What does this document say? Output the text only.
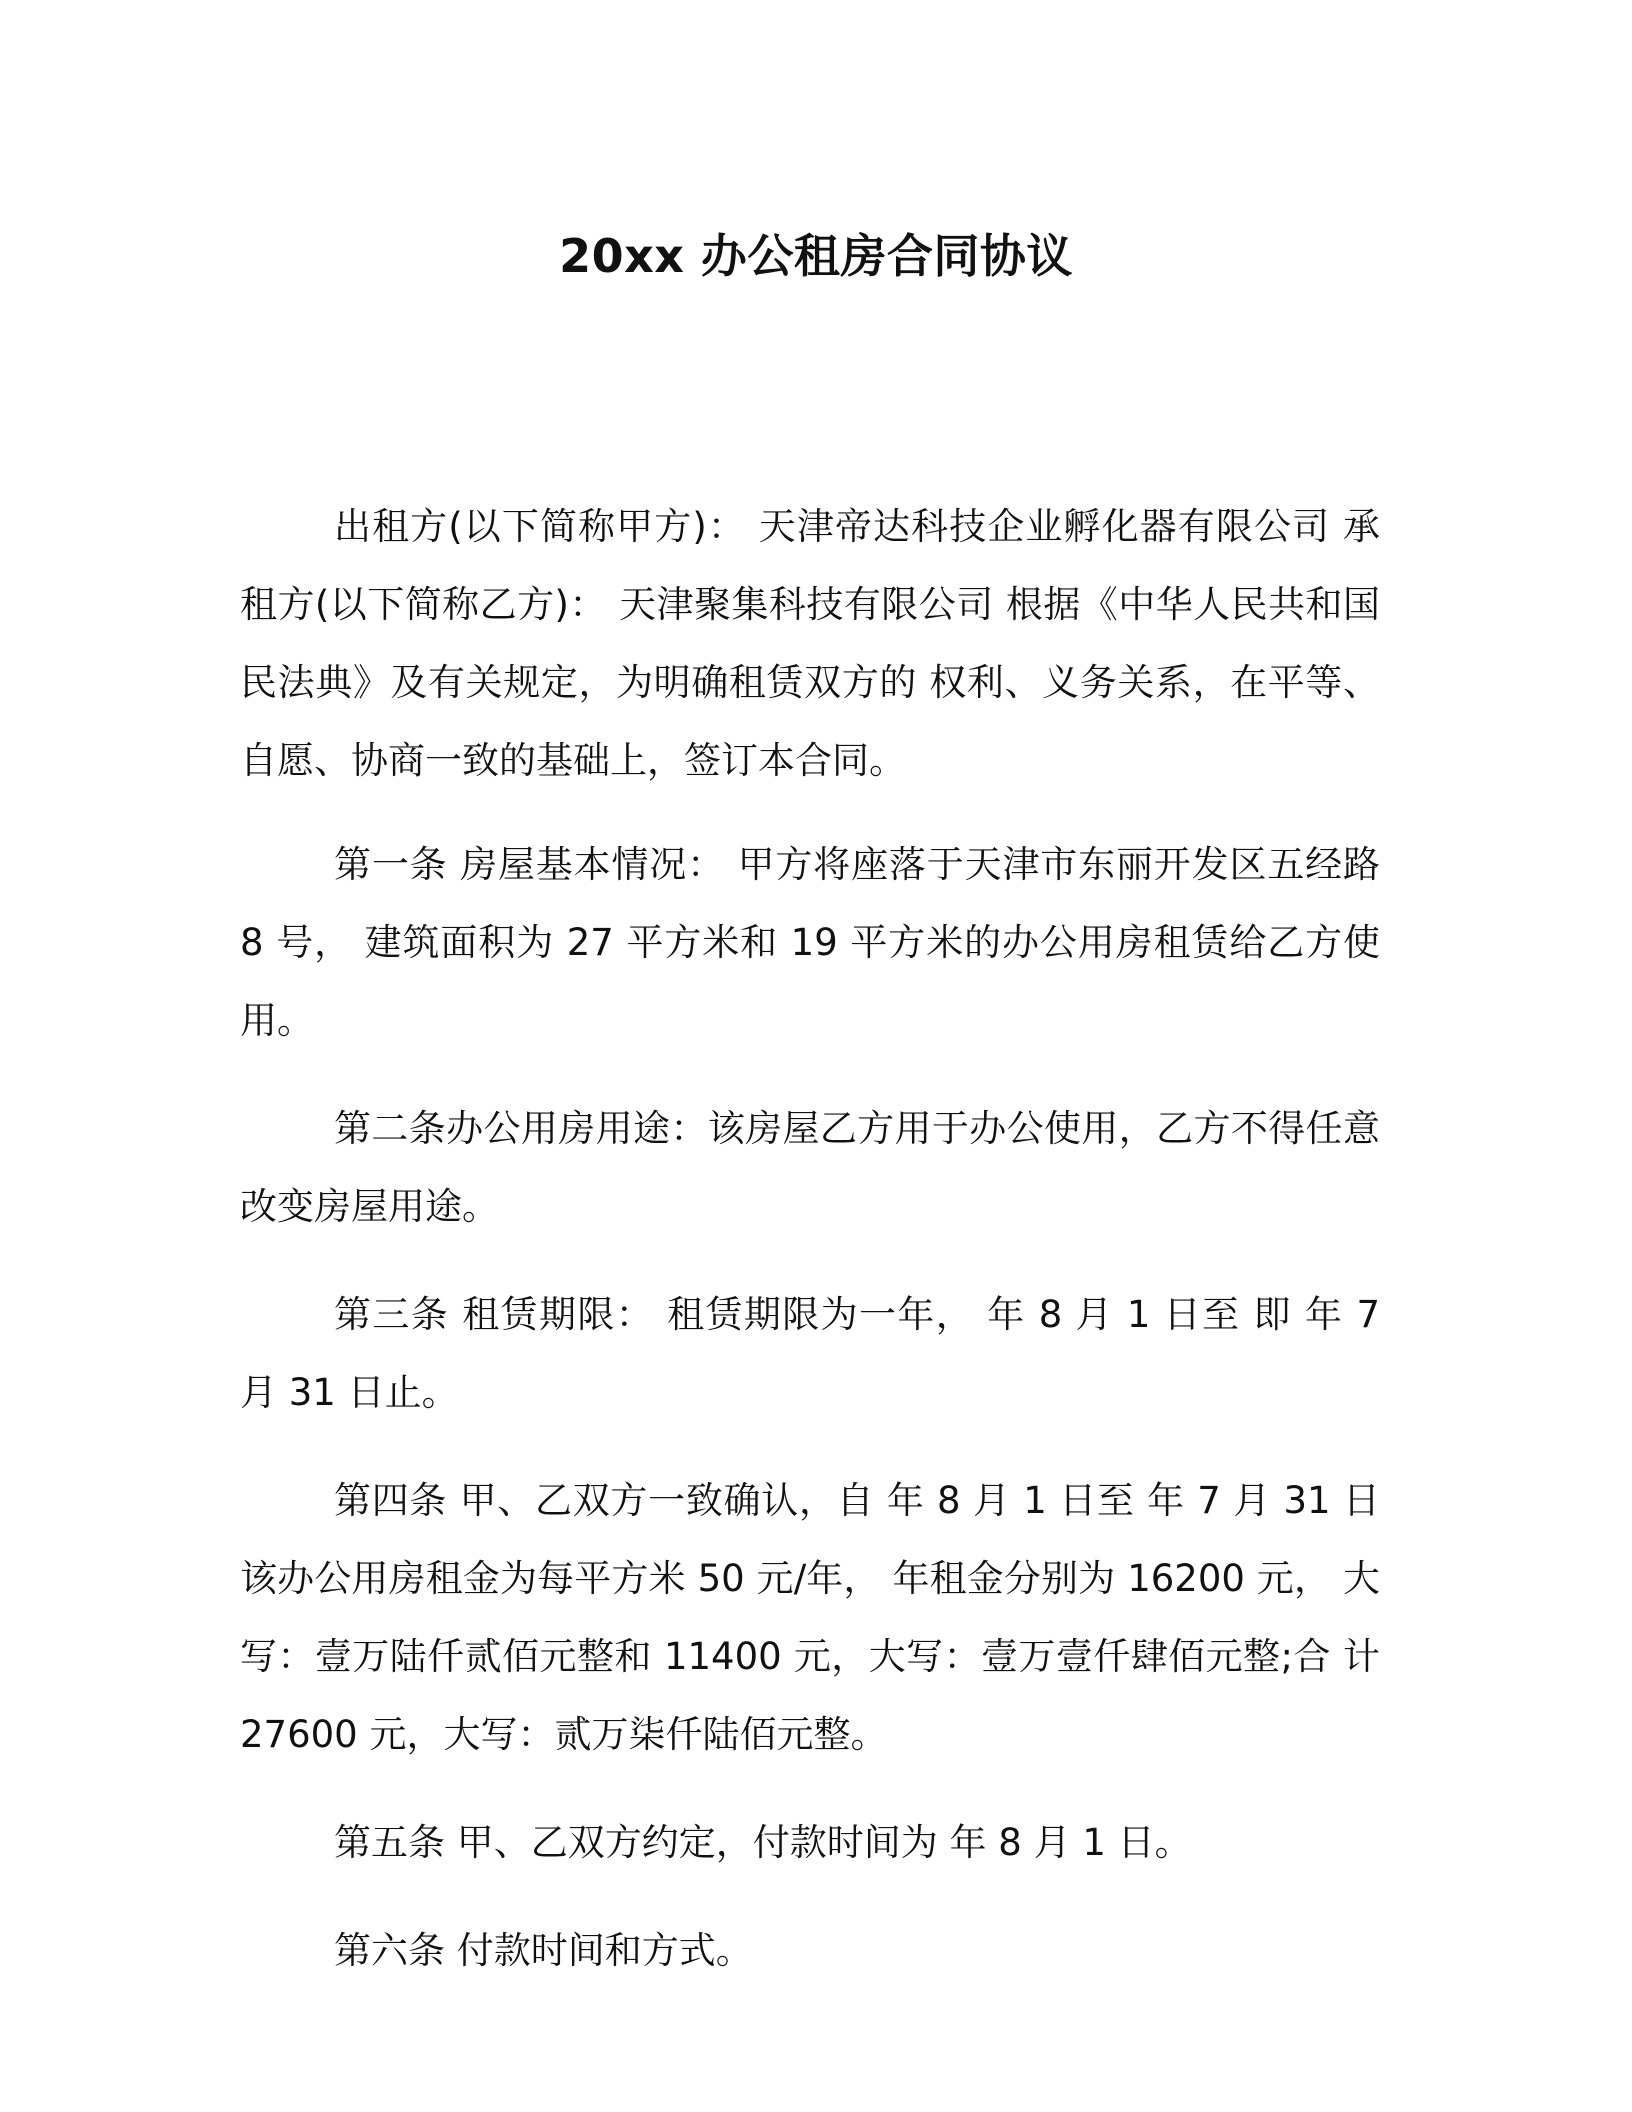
20xx 办公租房合同协议

出租方(以下简称甲方)： 天津帝达科技企业孵化器有限公司 承租方(以下简称乙方)： 天津聚集科技有限公司 根据《中华人民共和国民法典》及有关规定，为明确租赁双方的 权利、义务关系，在平等、自愿、协商一致的基础上，签订本合同。

第一条 房屋基本情况： 甲方将座落于天津市东丽开发区五经路 8 号， 建筑面积为 27 平方米和 19 平方米的办公用房租赁给乙方使用。

第二条办公用房用途：该房屋乙方用于办公使用，乙方不得任意改变房屋用途。

第三条 租赁期限： 租赁期限为一年， 年 8 月 1 日至 即 年 7 月 31 日止。

第四条 甲、乙双方一致确认，自 年 8 月 1 日至 年 7 月 31 日该办公用房租金为每平方米 50 元/年， 年租金分别为 16200 元， 大写：壹万陆仟贰佰元整和 11400 元，大写：壹万壹仟肆佰元整;合 计 27600 元，大写：贰万柒仟陆佰元整。

第五条 甲、乙双方约定，付款时间为 年 8 月 1 日。

第六条 付款时间和方式。
